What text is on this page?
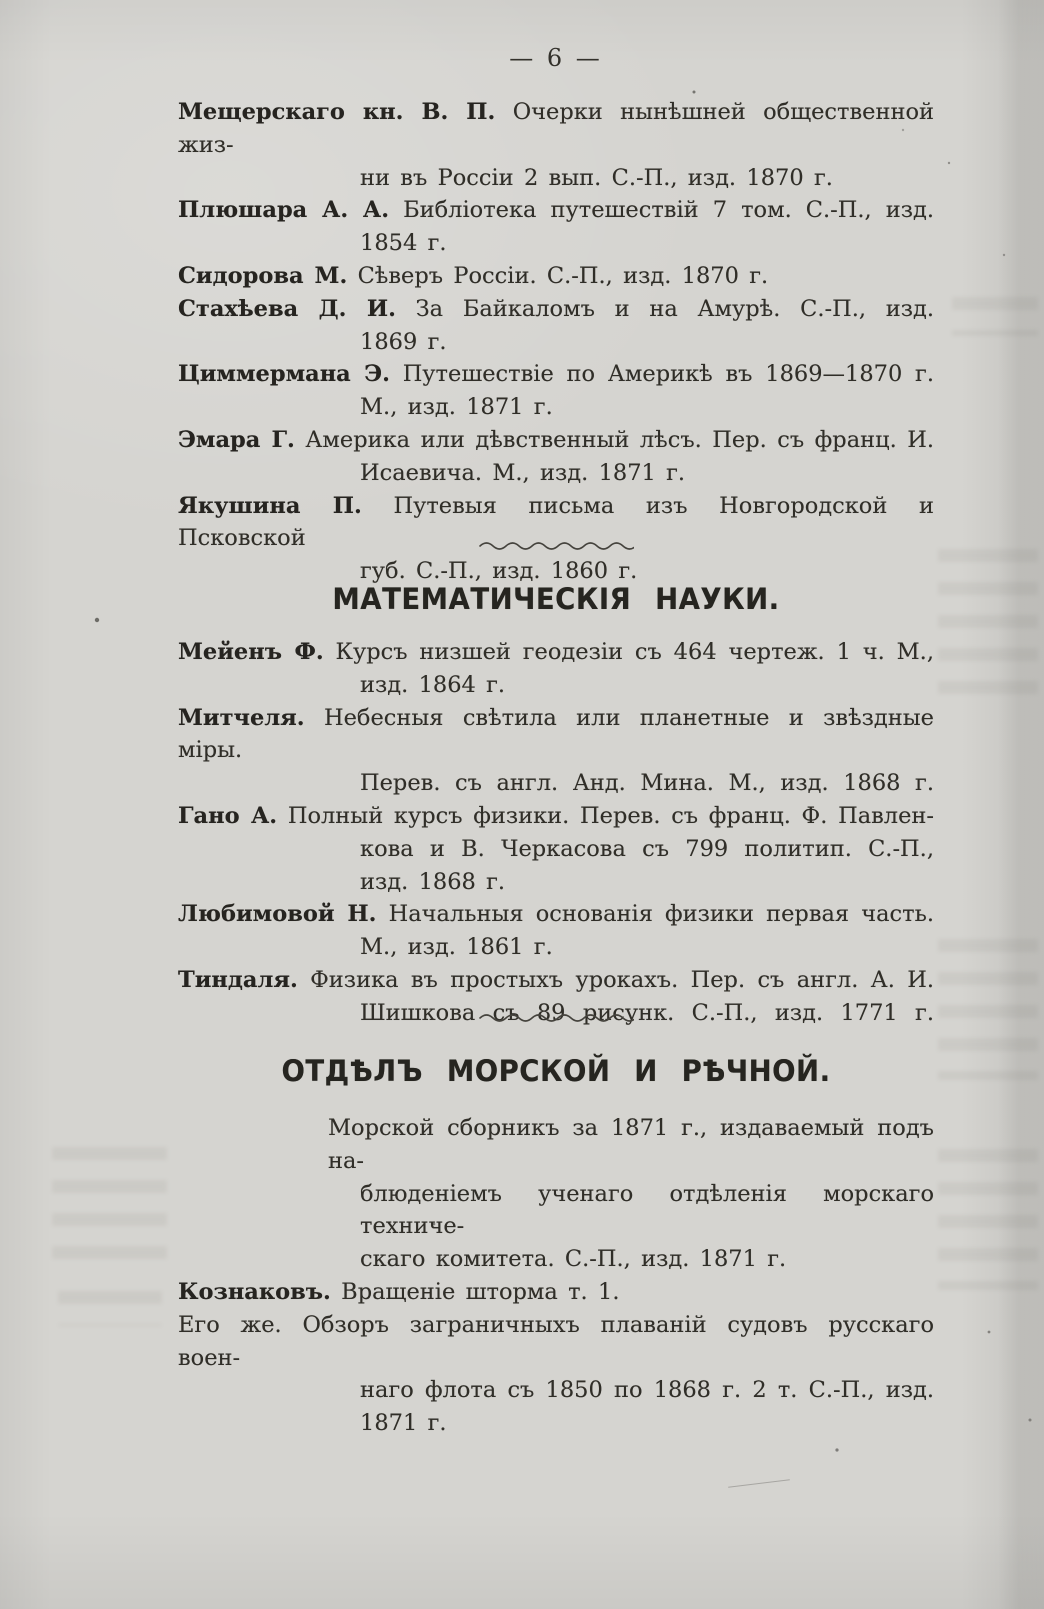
— 6 —
Мещерскаго кн. В. П. Очерки нынѣшней общественной жиз-
ни въ Россіи 2 вып. С.-П., изд. 1870 г.
Плюшара А. А. Библіотека путешествій 7 том. С.-П., изд.
1854 г.
Сидорова М. Сѣверъ Россіи. С.-П., изд. 1870 г.
Стахѣева Д. И. За Байкаломъ и на Амурѣ. С.-П., изд.
1869 г.
Циммермана Э. Путешествіе по Америкѣ въ 1869—1870 г.
М., изд. 1871 г.
Эмара Г. Америка или дѣвственный лѣсъ. Пер. съ франц. И.
Исаевича. М., изд. 1871 г.
Якушина П. Путевыя письма изъ Новгородской и Псковской
губ. С.-П., изд. 1860 г.
МАТЕМАТИЧЕСКІЯ НАУКИ.
Мейенъ Ф. Курсъ низшей геодезіи съ 464 чертеж. 1 ч. М.,
изд. 1864 г.
Митчеля. Небесныя свѣтила или планетные и звѣздные міры.
Перев. съ англ. Анд. Мина. М., изд. 1868 г.
Гано А. Полный курсъ физики. Перев. съ франц. Ф. Павлен-
кова и В. Черкасова съ 799 политип. С.-П.,
изд. 1868 г.
Любимовой Н. Начальныя основанія физики первая часть.
М., изд. 1861 г.
Тиндаля. Физика въ простыхъ урокахъ. Пер. съ англ. А. И.
Шишкова съ 89 рисунк. С.-П., изд. 1771 г.
ОТДѢЛЪ МОРСКОЙ И РѢЧНОЙ.
Морской сборникъ за 1871 г., издаваемый подъ на-
блюденіемъ ученаго отдѣленія морскаго техниче-
скаго комитета. С.-П., изд. 1871 г.
Кознаковъ. Вращеніе шторма т. 1.
Его же. Обзоръ заграничныхъ плаваній судовъ русскаго воен-
наго флота съ 1850 по 1868 г. 2 т. С.-П., изд.
1871 г.
